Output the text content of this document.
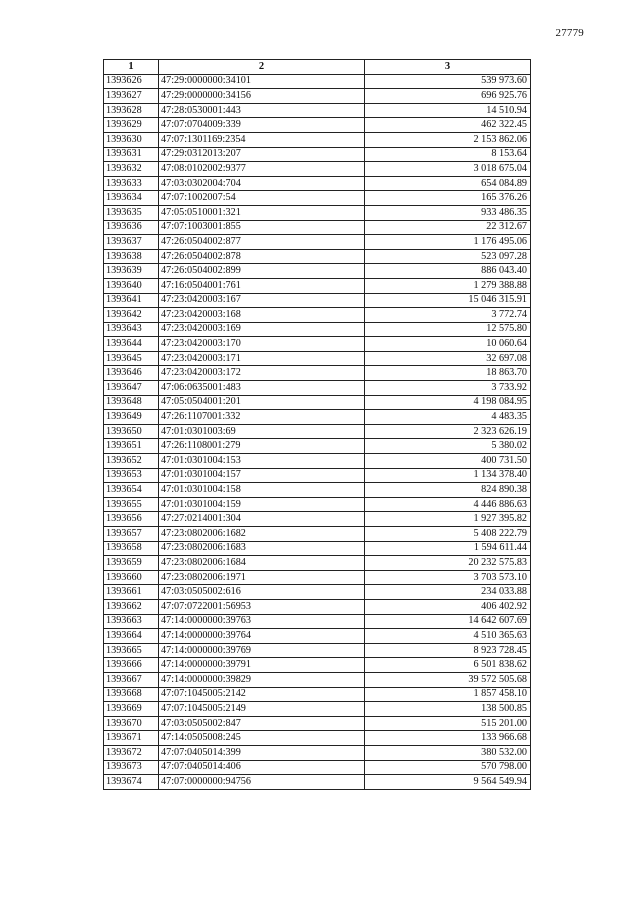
27779
1	2	3
1393626	47:29:0000000:34101	539 973.60
1393627	47:29:0000000:34156	696 925.76
1393628	47:28:0530001:443	14 510.94
1393629	47:07:0704009:339	462 322.45
1393630	47:07:1301169:2354	2 153 862.06
1393631	47:29:0312013:207	8 153.64
1393632	47:08:0102002:9377	3 018 675.04
1393633	47:03:0302004:704	654 084.89
1393634	47:07:1002007:54	165 376.26
1393635	47:05:0510001:321	933 486.35
1393636	47:07:1003001:855	22 312.67
1393637	47:26:0504002:877	1 176 495.06
1393638	47:26:0504002:878	523 097.28
1393639	47:26:0504002:899	886 043.40
1393640	47:16:0504001:761	1 279 388.88
1393641	47:23:0420003:167	15 046 315.91
1393642	47:23:0420003:168	3 772.74
1393643	47:23:0420003:169	12 575.80
1393644	47:23:0420003:170	10 060.64
1393645	47:23:0420003:171	32 697.08
1393646	47:23:0420003:172	18 863.70
1393647	47:06:0635001:483	3 733.92
1393648	47:05:0504001:201	4 198 084.95
1393649	47:26:1107001:332	4 483.35
1393650	47:01:0301003:69	2 323 626.19
1393651	47:26:1108001:279	5 380.02
1393652	47:01:0301004:153	400 731.50
1393653	47:01:0301004:157	1 134 378.40
1393654	47:01:0301004:158	824 890.38
1393655	47:01:0301004:159	4 446 886.63
1393656	47:27:0214001:304	1 927 395.82
1393657	47:23:0802006:1682	5 408 222.79
1393658	47:23:0802006:1683	1 594 611.44
1393659	47:23:0802006:1684	20 232 575.83
1393660	47:23:0802006:1971	3 703 573.10
1393661	47:03:0505002:616	234 033.88
1393662	47:07:0722001:56953	406 402.92
1393663	47:14:0000000:39763	14 642 607.69
1393664	47:14:0000000:39764	4 510 365.63
1393665	47:14:0000000:39769	8 923 728.45
1393666	47:14:0000000:39791	6 501 838.62
1393667	47:14:0000000:39829	39 572 505.68
1393668	47:07:1045005:2142	1 857 458.10
1393669	47:07:1045005:2149	138 500.85
1393670	47:03:0505002:847	515 201.00
1393671	47:14:0505008:245	133 966.68
1393672	47:07:0405014:399	380 532.00
1393673	47:07:0405014:406	570 798.00
1393674	47:07:0000000:94756	9 564 549.94
